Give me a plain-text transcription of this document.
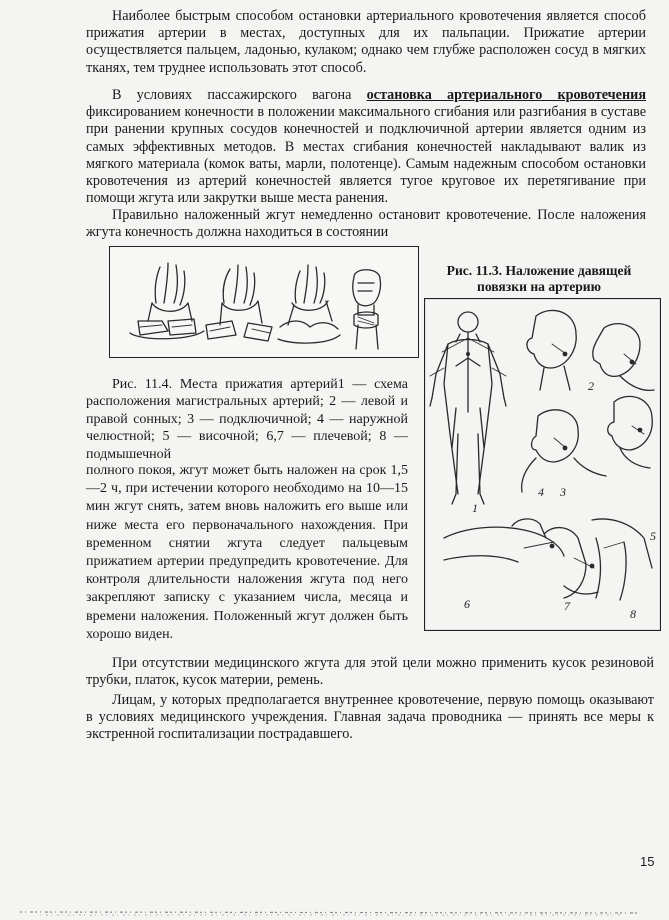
Наиболее быстрым способом остановки артериального кровотечения является способ прижатия артерии в местах, доступных для их пальпации. Прижатие артерии осуществляется пальцем, ладонью, кулаком; однако чем глубже расположен сосуд в мягких тканях, тем труднее использовать этот способ.

В условиях пассажирского вагона остановка артериального кровотечения фиксированием конечности в положении максимального сгибания или разгибания в суставе при ранении крупных сосудов конечностей и подключичной артерии является одним из самых эффективных методов. В местах сгибания конечностей накладывают валик из мягкого материала (комок ваты, марли, полотенце). Самым надежным способом остановки кровотечения из артерий конечностей является тугое круговое их перетягивание при помощи жгута или закрутки выше места ранения.

Правильно наложенный жгут немедленно остановит кровотечение. После наложения жгута конечность должна находиться в состоянии

Рис. 11.3. Наложение давящей повязки на артерию

1
2
3
4
5
6	7
8

Рис. 11.4. Места прижатия артерий1 — схема расположения магистральных артерий; 2 — левой и правой сонных; 3 — подключичной; 4 — наружной челюстной; 5 — височной; 6,7 — плечевой; 8 — подмышечной

полного покоя, жгут может быть наложен на срок 1,5—2 ч, при истечении которого необходимо на 10—15 мин жгут снять, затем вновь наложить его выше или ниже места его первоначального нахождения. При временном снятии жгута следует пальцевым прижатием артерии предупредить кровотечение. Для контроля длительности наложения жгута под него закрепляют записку с указанием числа, месяца и времени наложения. Положенный жгут должен быть хорошо виден.

При отсутствии медицинского жгута для этой цели можно применить кусок резиновой трубки, платок, кусок материи, ремень.

Лицам, у которых предполагается внутреннее кровотечение, первую помощь оказывают в условиях медицинского учреждения. Главная задача проводника — принять все меры к экстренной госпитализации пострадавшего.

15
